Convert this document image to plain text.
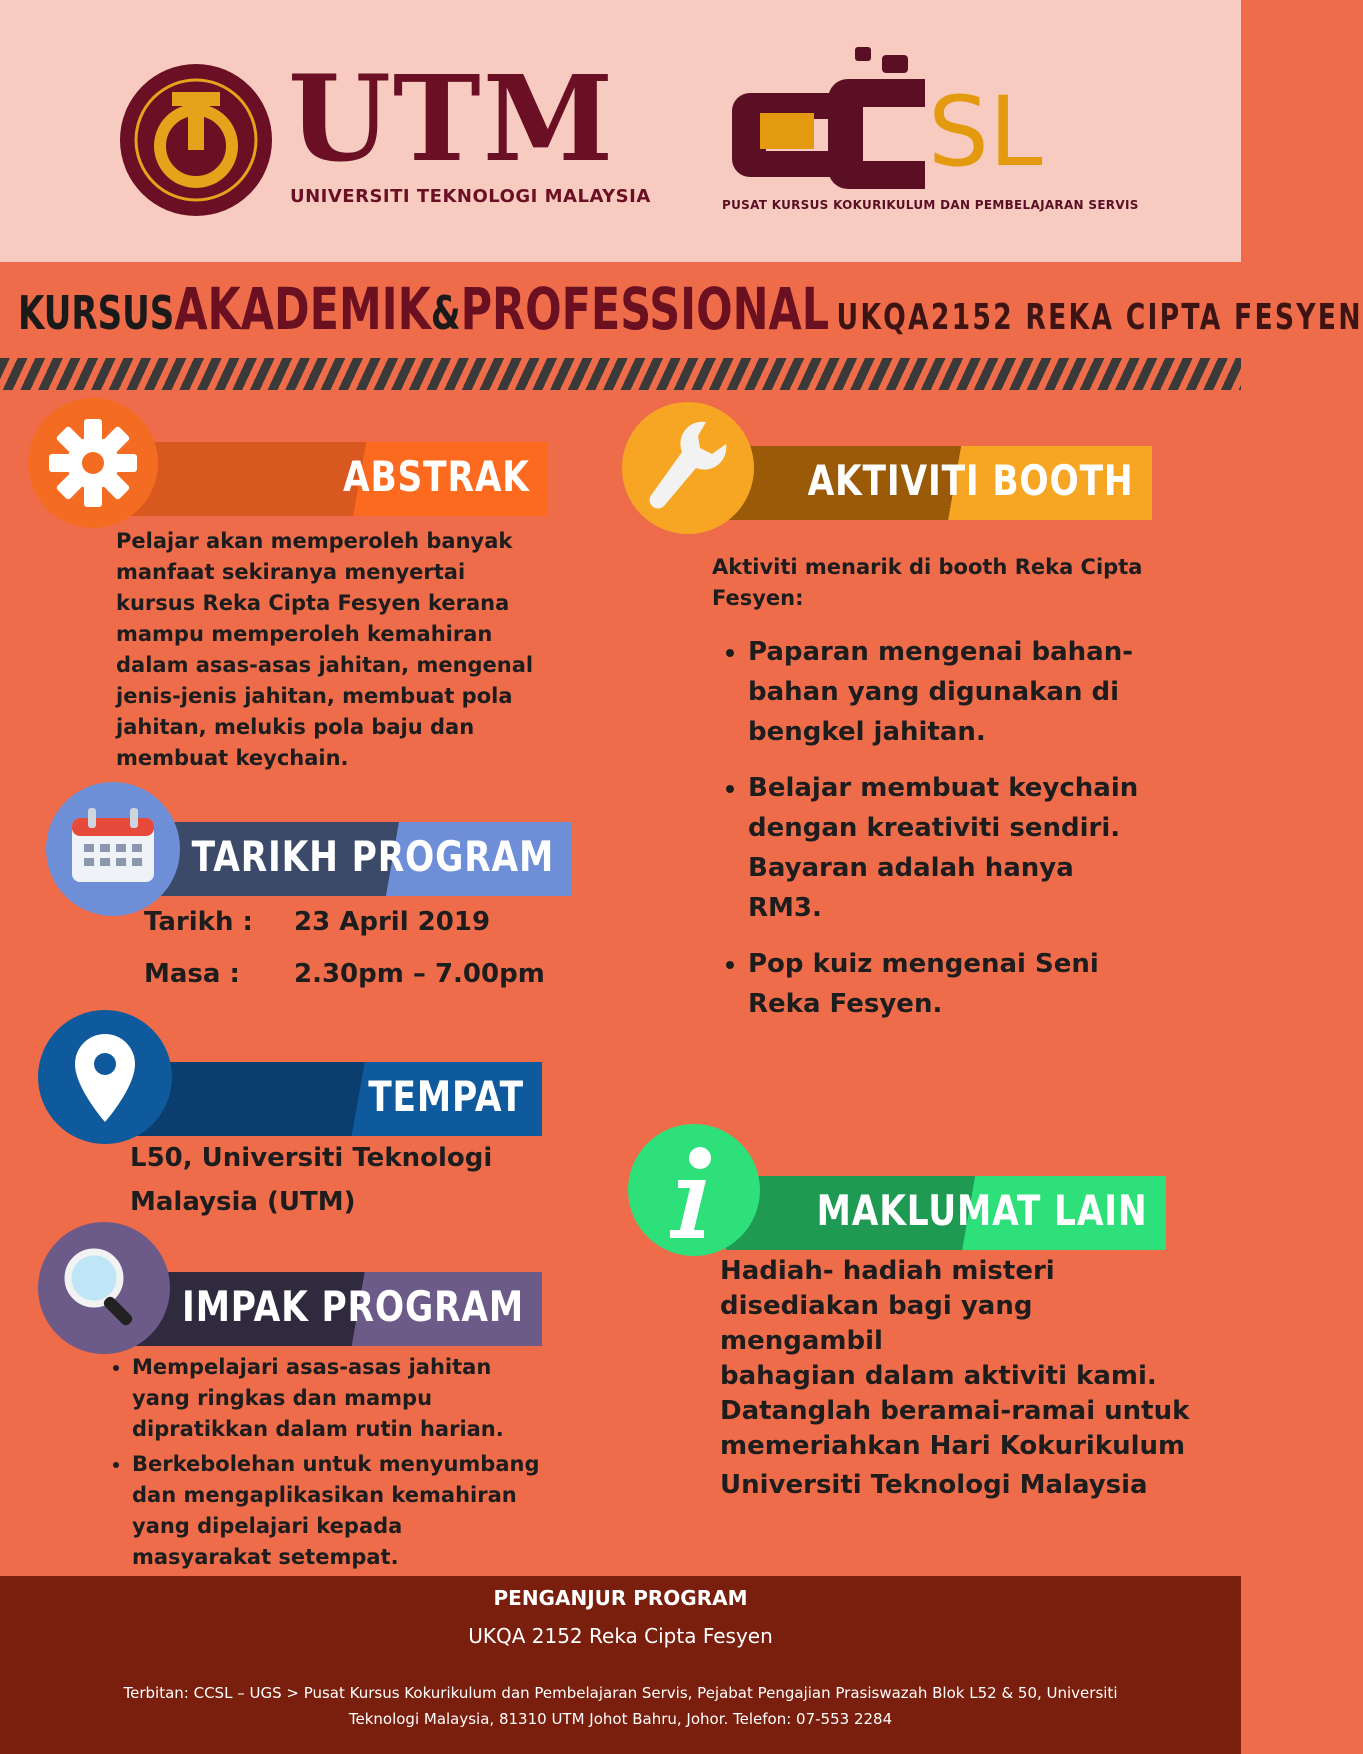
UTM
UNIVERSITI TEKNOLOGI MALAYSIA
SL
PUSAT KURSUS KOKURIKULUM DAN PEMBELAJARAN SERVIS
KURSUSAKADEMIK&PROFESSIONAL UKQA2152 REKA CIPTA FESYEN
ABSTRAK
Pelajar akan memperoleh banyak manfaat sekiranya menyertai kursus Reka Cipta Fesyen kerana mampu memperoleh kemahiran dalam asas-asas jahitan, mengenal jenis-jenis jahitan, membuat pola jahitan, melukis pola baju dan membuat keychain.
TARIKH PROGRAM
Tarikh : 23 April 2019
Masa : 2.30pm – 7.00pm
TEMPAT
L50, Universiti Teknologi
Malaysia (UTM)
IMPAK PROGRAM
• Mempelajari asas-asas jahitan yang ringkas dan mampu dipratikkan dalam rutin harian.
• Berkebolehan untuk menyumbang dan mengaplikasikan kemahiran yang dipelajari kepada masyarakat setempat.
AKTIVITI BOOTH
Aktiviti menarik di booth Reka Cipta Fesyen:
• Paparan mengenai bahan-bahan yang digunakan di bengkel jahitan.
• Belajar membuat keychain dengan kreativiti sendiri. Bayaran adalah hanya RM3.
• Pop kuiz mengenai Seni Reka Fesyen.
MAKLUMAT LAIN
Hadiah- hadiah misteri
disediakan bagi yang mengambil
bahagian dalam aktiviti kami.
Datanglah beramai-ramai untuk
memeriahkan Hari Kokurikulum
Universiti Teknologi Malaysia
PENGANJUR PROGRAM
UKQA 2152 Reka Cipta Fesyen
Terbitan: CCSL – UGS > Pusat Kursus Kokurikulum dan Pembelajaran Servis, Pejabat Pengajian Prasiswazah Blok L52 & 50, Universiti
Teknologi Malaysia, 81310 UTM Johot Bahru, Johor. Telefon: 07-553 2284
